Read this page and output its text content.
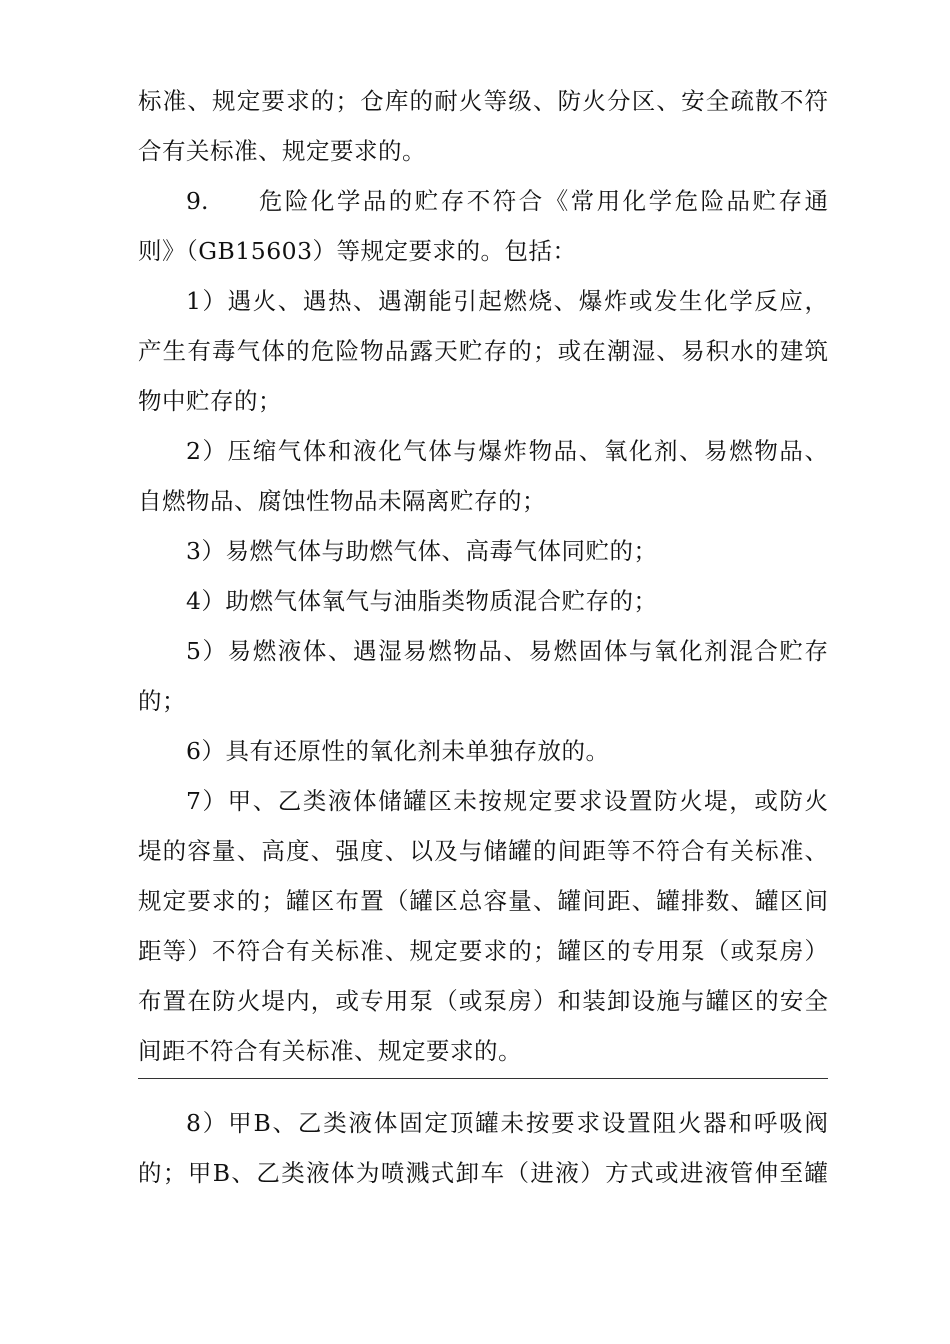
标准、规定要求的；仓库的耐火等级、防火分区、安全疏散不符
合有关标准、规定要求的。
9. 危险化学品的贮存不符合《常用化学危险品贮存通
则》（GB15603）等规定要求的。包括：
1）遇火、遇热、遇潮能引起燃烧、爆炸或发生化学反应，
产生有毒气体的危险物品露天贮存的；或在潮湿、易积水的建筑
物中贮存的；
2）压缩气体和液化气体与爆炸物品、氧化剂、易燃物品、
自燃物品、腐蚀性物品未隔离贮存的；
3）易燃气体与助燃气体、高毒气体同贮的；
4）助燃气体氧气与油脂类物质混合贮存的；
5）易燃液体、遇湿易燃物品、易燃固体与氧化剂混合贮存
的；
6）具有还原性的氧化剂未单独存放的。
7）甲、乙类液体储罐区未按规定要求设置防火堤，或防火
堤的容量、高度、强度、以及与储罐的间距等不符合有关标准、
规定要求的；罐区布置（罐区总容量、罐间距、罐排数、罐区间
距等）不符合有关标准、规定要求的；罐区的专用泵（或泵房）
布置在防火堤内，或专用泵（或泵房）和装卸设施与罐区的安全
间距不符合有关标准、规定要求的。
8）甲B、乙类液体固定顶罐未按要求设置阻火器和呼吸阀
的；甲B、乙类液体为喷溅式卸车（进液）方式或进液管伸至罐
